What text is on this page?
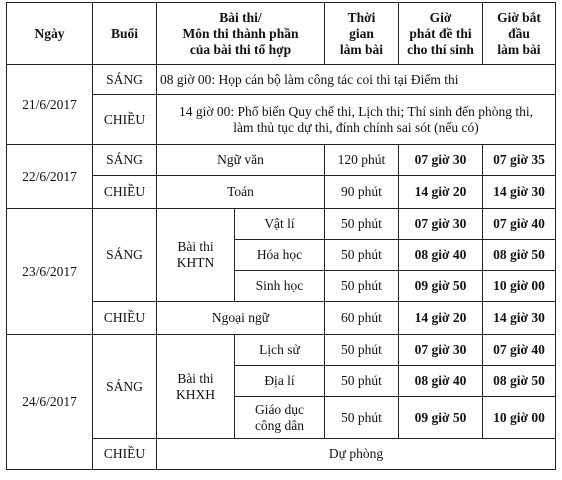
Ngày	Buổi	Bài thi/
Môn thi thành phần
của bài thi tổ hợp		Thời
gian
làm bài	Giờ
phát đề thi
cho thí sinh	Giờ bắt
đầu
làm bài
21/6/2017	SÁNG	08 giờ 00: Họp cán bộ làm công tác coi thi tại Điểm thi				
	CHIỀU	14 giờ 00: Phổ biến Quy chế thi, Lịch thi; Thí sinh đến phòng thi,
làm thủ tục dự thi, đính chính sai sót (nếu có)				
22/6/2017	SÁNG	Ngữ văn		120 phút	07 giờ 30	07 giờ 35
	CHIỀU	Toán		90 phút	14 giờ 20	14 giờ 30
23/6/2017	SÁNG	Bài thi
KHTN	Vật lí	50 phút	07 giờ 30	07 giờ 40
			Hóa học	50 phút	08 giờ 40	08 giờ 50
			Sinh học	50 phút	09 giờ 50	10 giờ 00
	CHIỀU	Ngoại ngữ		60 phút	14 giờ 20	14 giờ 30
24/6/2017	SÁNG	Bài thi
KHXH	Lịch sử	50 phút	07 giờ 30	07 giờ 40
			Địa lí	50 phút	08 giờ 40	08 giờ 50
			Giáo dục
công dân	50 phút	09 giờ 50	10 giờ 00
	CHIỀU	Dự phòng				
